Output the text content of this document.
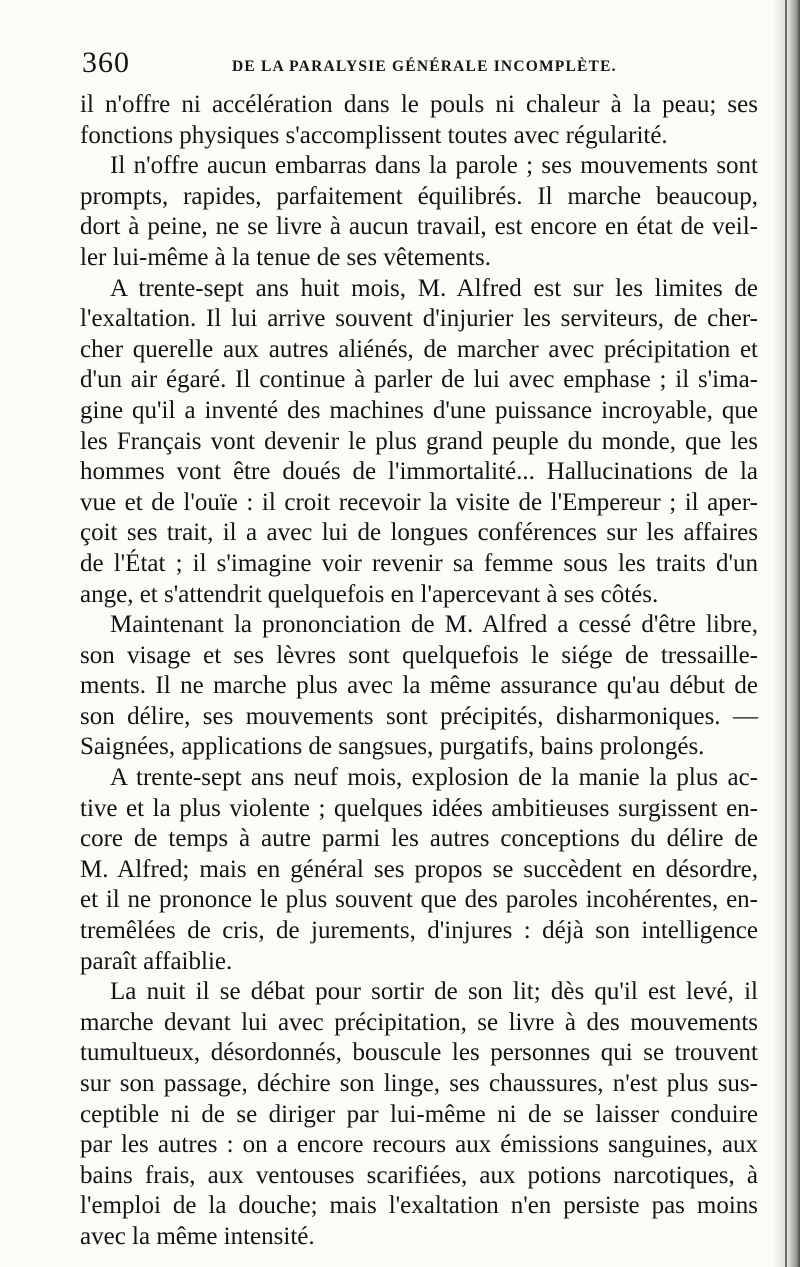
360	DE LA PARALYSIE GÉNÉRALE INCOMPLÈTE.
il n'offre ni accélération dans le pouls ni chaleur à la peau; ses
fonctions physiques s'accomplissent toutes avec régularité.
Il n'offre aucun embarras dans la parole ; ses mouvements sont
prompts, rapides, parfaitement équilibrés. Il marche beaucoup,
dort à peine, ne se livre à aucun travail, est encore en état de veil-
ler lui-même à la tenue de ses vêtements.
A trente-sept ans huit mois, M. Alfred est sur les limites de
l'exaltation. Il lui arrive souvent d'injurier les serviteurs, de cher-
cher querelle aux autres aliénés, de marcher avec précipitation et
d'un air égaré. Il continue à parler de lui avec emphase ; il s'ima-
gine qu'il a inventé des machines d'une puissance incroyable, que
les Français vont devenir le plus grand peuple du monde, que les
hommes vont être doués de l'immortalité... Hallucinations de la
vue et de l'ouïe : il croit recevoir la visite de l'Empereur ; il aper-
çoit ses trait, il a avec lui de longues conférences sur les affaires
de l'État ; il s'imagine voir revenir sa femme sous les traits d'un
ange, et s'attendrit quelquefois en l'apercevant à ses côtés.
Maintenant la prononciation de M. Alfred a cessé d'être libre,
son visage et ses lèvres sont quelquefois le siége de tressaille-
ments. Il ne marche plus avec la même assurance qu'au début de
son délire, ses mouvements sont précipités, disharmoniques. —
Saignées, applications de sangsues, purgatifs, bains prolongés.
A trente-sept ans neuf mois, explosion de la manie la plus ac-
tive et la plus violente ; quelques idées ambitieuses surgissent en-
core de temps à autre parmi les autres conceptions du délire de
M. Alfred; mais en général ses propos se succèdent en désordre,
et il ne prononce le plus souvent que des paroles incohérentes, en-
tremêlées de cris, de jurements, d'injures : déjà son intelligence
paraît affaiblie.
La nuit il se débat pour sortir de son lit; dès qu'il est levé, il
marche devant lui avec précipitation, se livre à des mouvements
tumultueux, désordonnés, bouscule les personnes qui se trouvent
sur son passage, déchire son linge, ses chaussures, n'est plus sus-
ceptible ni de se diriger par lui-même ni de se laisser conduire
par les autres : on a encore recours aux émissions sanguines, aux
bains frais, aux ventouses scarifiées, aux potions narcotiques, à
l'emploi de la douche; mais l'exaltation n'en persiste pas moins
avec la même intensité.
